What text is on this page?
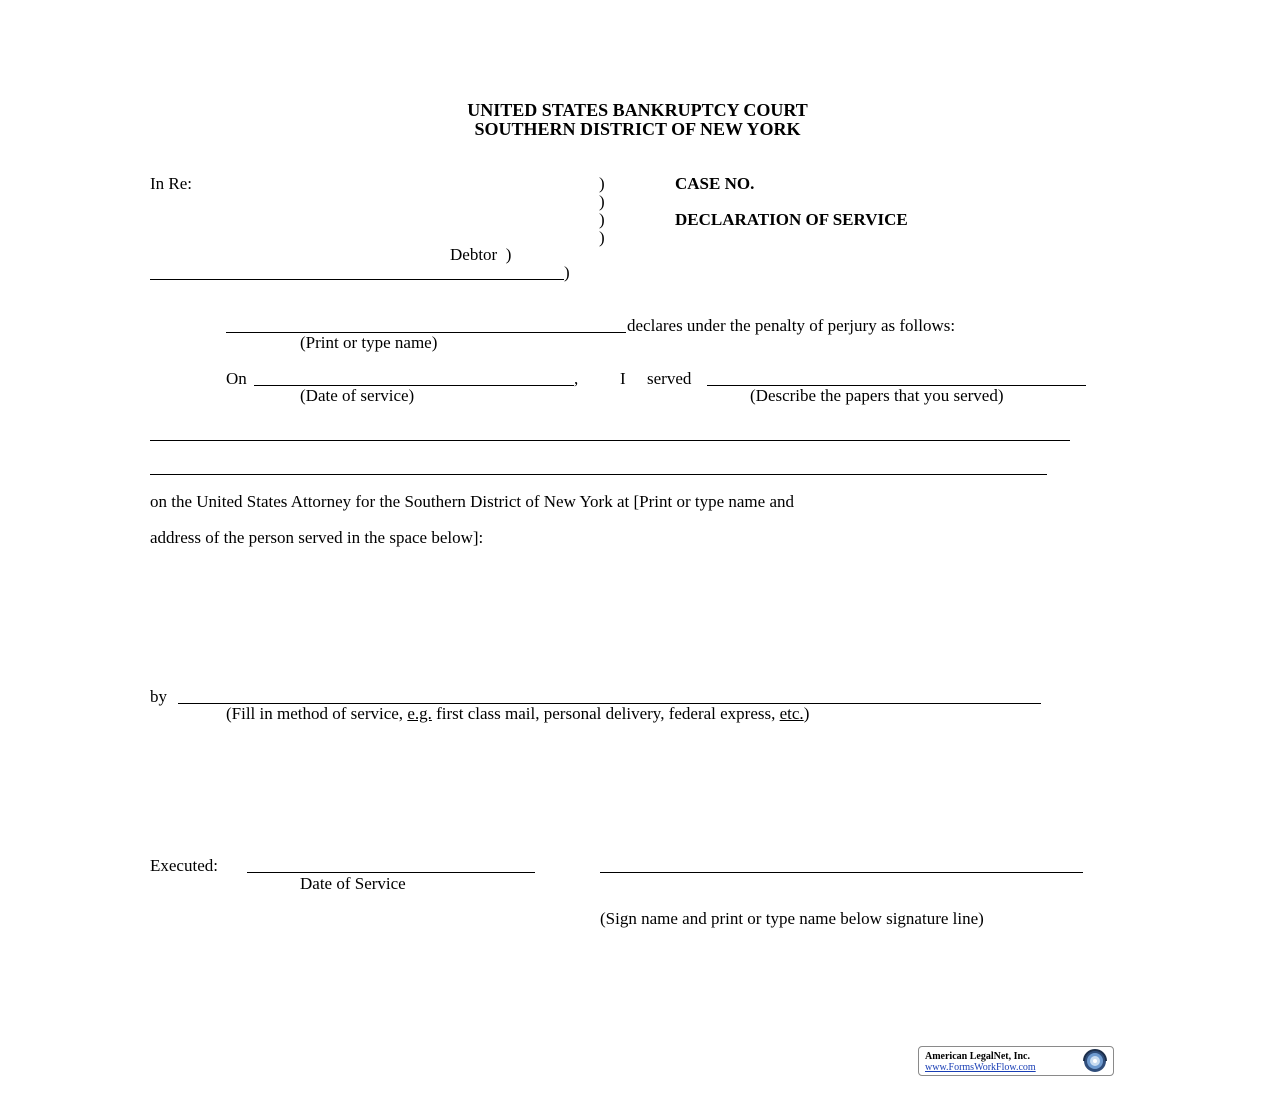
UNITED STATES BANKRUPTCY COURT
SOUTHERN DISTRICT OF NEW YORK
In Re:	)
)
)
)
CASE NO.
DECLARATION OF SERVICE
Debtor  )
)
declares under the penalty of perjury as follows:
(Print or type name)
On	, I served
(Date of service)	(Describe the papers that you served)
on the United States Attorney for the Southern District of New York at [Print or type name and
address of the person served in the space below]:
by
(Fill in method of service, e.g. first class mail, personal delivery, federal express, etc.)
Executed:
Date of Service
(Sign name and print or type name below signature line)
American LegalNet, Inc.
www.FormsWorkFlow.com
